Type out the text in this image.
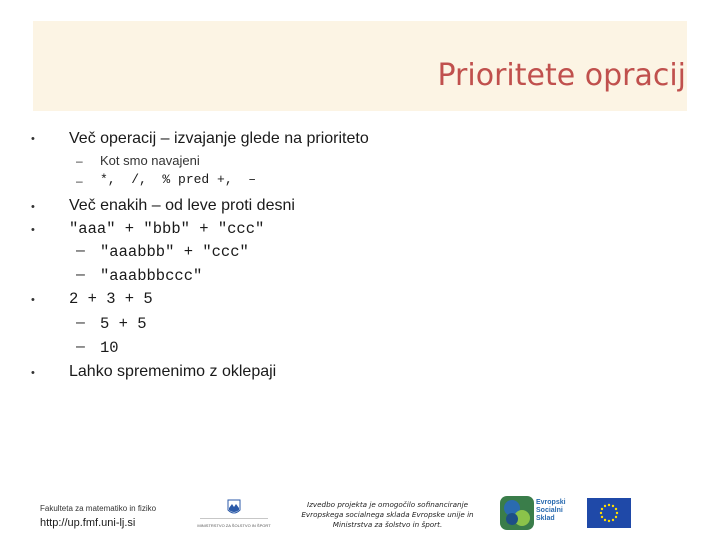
Prioritete opracij
• Več operacij – izvajanje glede na prioriteto
– Kot smo navajeni
– *,  /,  % pred +,  –
• Več enakih – od leve proti desni
• "aaa" + "bbb" + "ccc"
– "aaabbb" + "ccc"
– "aaabbbccc"
• 2 + 3 + 5
– 5 + 5
– 10
• Lahko spremenimo z oklepaji
Fakulteta za matematiko in fiziko
http://up.fmf.uni-lj.si	MINISTRSTVO ZA ŠOLSTVO IN ŠPORT

Izvedbo projekta je omogočilo sofinanciranje Evropskega socialnega sklada Evropske unije in Ministrstva za šolstvo in šport.

Evropski
Socialni
Sklad
